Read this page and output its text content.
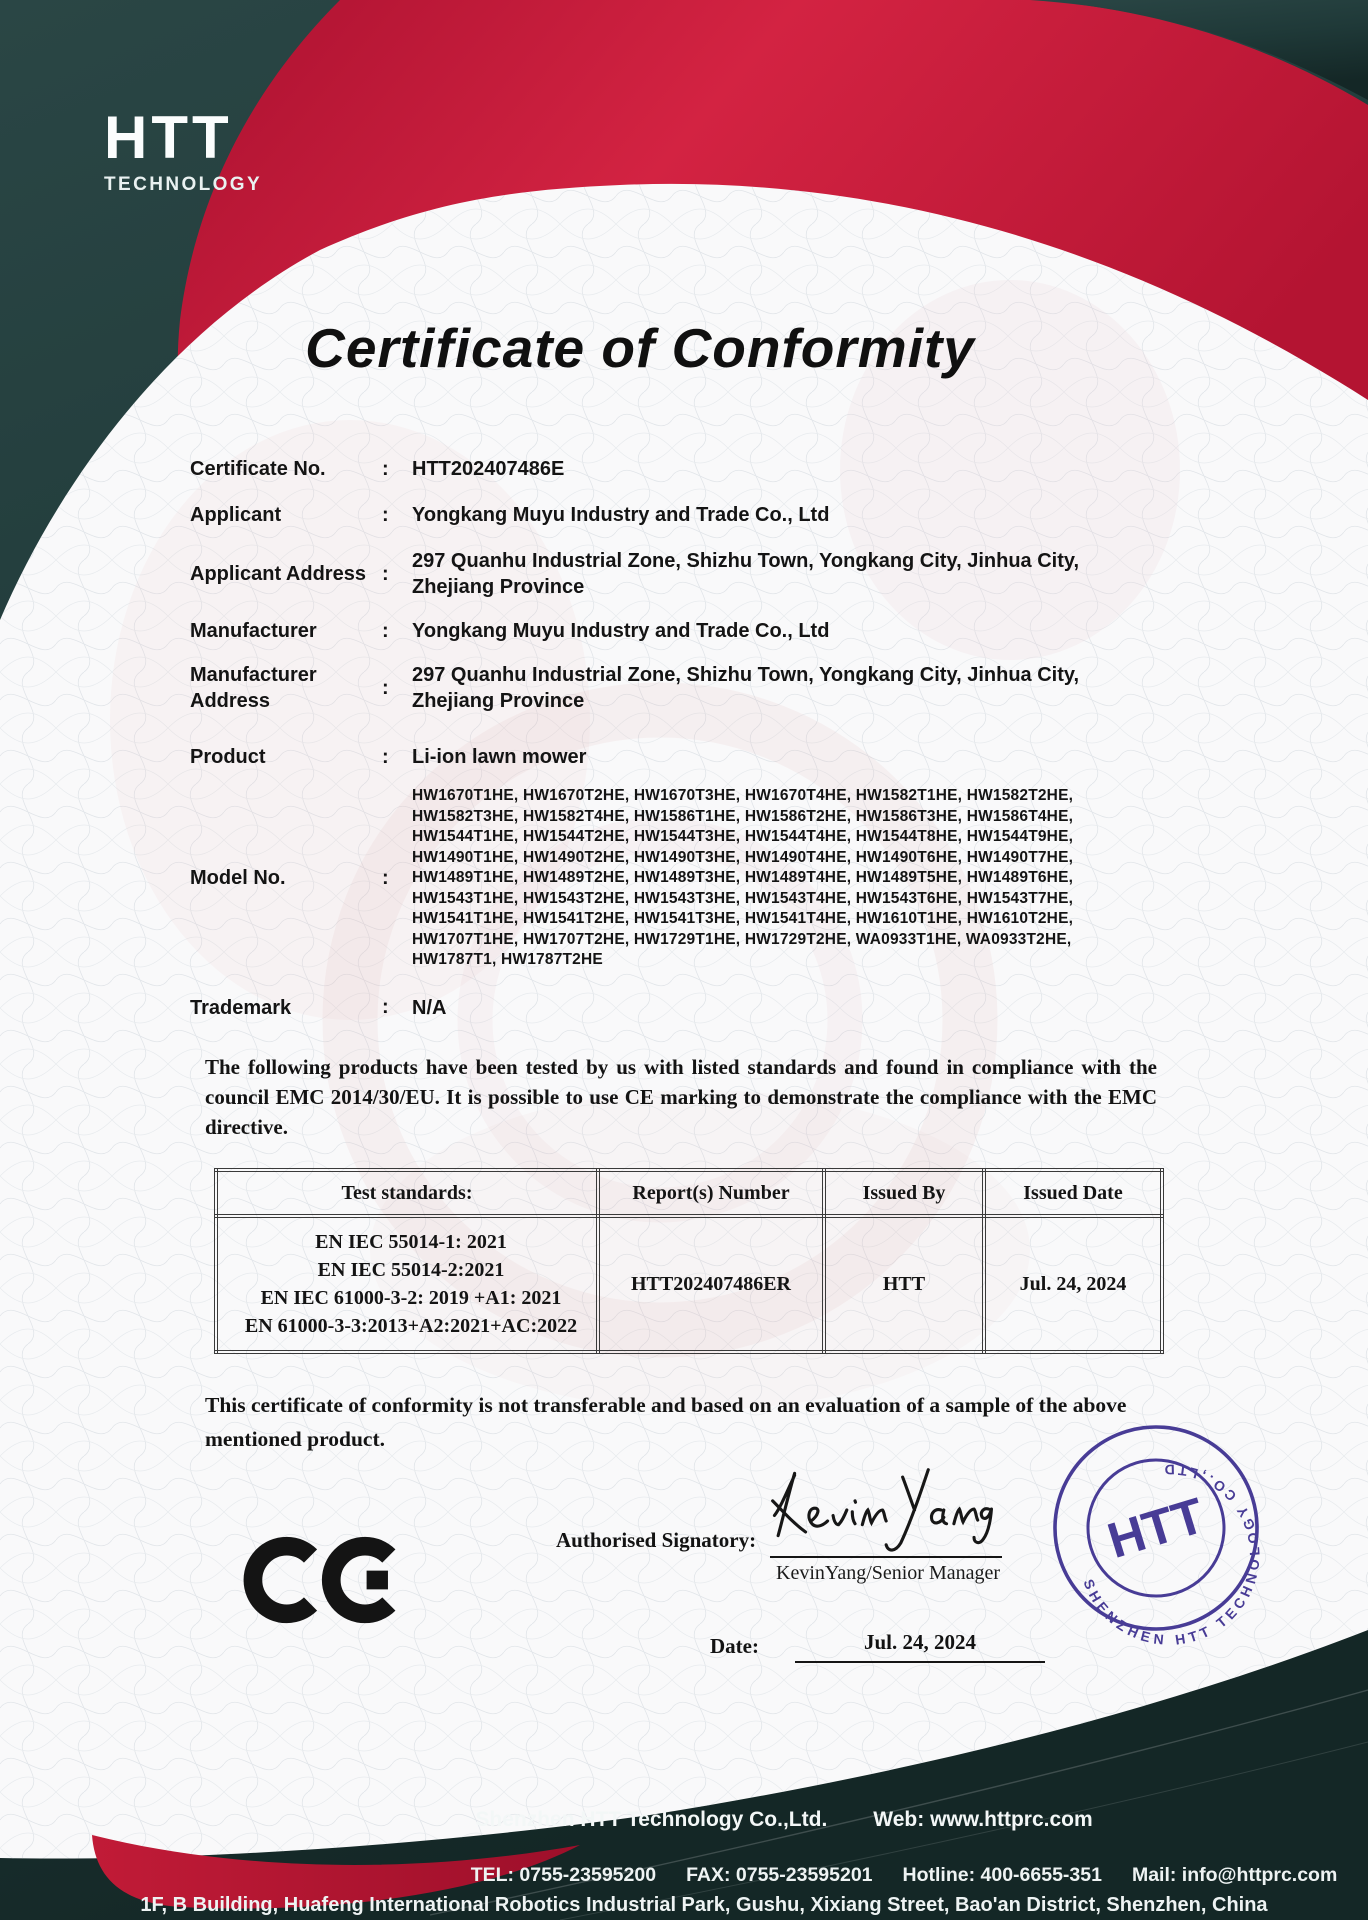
HTT
TECHNOLOGY
Certificate of Conformity
Certificate No.	:	HTT202407486E
Applicant	:	Yongkang Muyu Industry and Trade Co., Ltd
Applicant Address :
297 Quanhu Industrial Zone, Shizhu Town, Yongkang City, Jinhua City, Zhejiang Province
Manufacturer	:	Yongkang Muyu Industry and Trade Co., Ltd
Manufacturer Address
:
297 Quanhu Industrial Zone, Shizhu Town, Yongkang City, Jinhua City, Zhejiang Province
Product	:	Li-ion lawn mower
Model No.	:
HW1670T1HE, HW1670T2HE, HW1670T3HE, HW1670T4HE, HW1582T1HE, HW1582T2HE, HW1582T3HE, HW1582T4HE, HW1586T1HE, HW1586T2HE, HW1586T3HE, HW1586T4HE, HW1544T1HE, HW1544T2HE, HW1544T3HE, HW1544T4HE, HW1544T8HE, HW1544T9HE, HW1490T1HE, HW1490T2HE, HW1490T3HE, HW1490T4HE, HW1490T6HE, HW1490T7HE, HW1489T1HE, HW1489T2HE, HW1489T3HE, HW1489T4HE, HW1489T5HE, HW1489T6HE, HW1543T1HE, HW1543T2HE, HW1543T3HE, HW1543T4HE, HW1543T6HE, HW1543T7HE, HW1541T1HE, HW1541T2HE, HW1541T3HE, HW1541T4HE, HW1610T1HE, HW1610T2HE, HW1707T1HE, HW1707T2HE, HW1729T1HE, HW1729T2HE, WA0933T1HE, WA0933T2HE, HW1787T1, HW1787T2HE
Trademark	:	N/A
The following products have been tested by us with listed standards and found in compliance with the council EMC 2014/30/EU. It is possible to use CE marking to demonstrate the compliance with the EMC directive.
Test standards:	Report(s) Number	Issued By	Issued Date

EN IEC 55014-1: 2021
EN IEC 55014-2:2021
EN IEC 61000-3-2: 2019 +A1: 2021
EN 61000-3-3:2013+A2:2021+AC:2022	HTT202407486ER	HTT	Jul. 24, 2024
This certificate of conformity is not transferable and based on an evaluation of a sample of the above mentioned product.
Authorised Signatory:
KevinYang/Senior Manager
SHENZHEN HTT TECHNOLOGY CO.,LTD
HTT
Date:	Jul. 24, 2024
Shenzhen HTT Technology Co.,Ltd. Web: www.httprc.com
TEL: 0755-23595200 FAX: 0755-23595201 Hotline: 400-6655-351 Mail: info@httprc.com
1F, B Building, Huafeng International Robotics Industrial Park, Gushu, Xixiang Street, Bao'an District, Shenzhen, China
